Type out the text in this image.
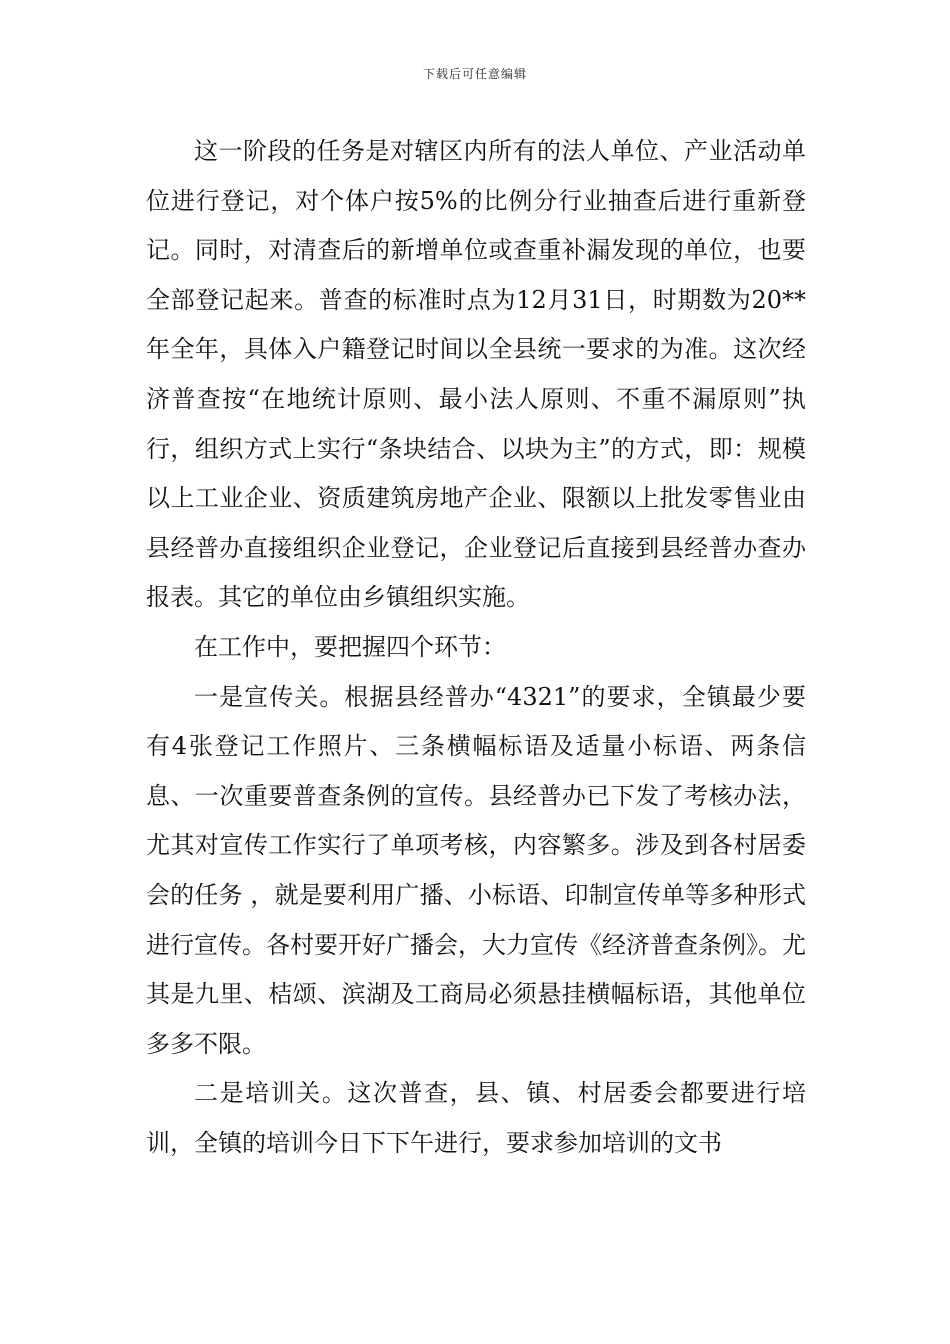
下载后可任意编辑

这一阶段的任务是对辖区内所有的法人单位、产业活动单位进行登记，对个体户按5%的比例分行业抽查后进行重新登记。同时，对清查后的新增单位或查重补漏发现的单位，也要全部登记起来。普查的标准时点为12月31日，时期数为20**年全年，具体入户籍登记时间以全县统一要求的为准。这次经济普查按“在地统计原则、最小法人原则、不重不漏原则”执行，组织方式上实行“条块结合、以块为主”的方式，即：规模以上工业企业、资质建筑房地产企业、限额以上批发零售业由县经普办直接组织企业登记，企业登记后直接到县经普办查办报表。其它的单位由乡镇组织实施。

在工作中，要把握四个环节：

一是宣传关。根据县经普办“4321”的要求，全镇最少要有4张登记工作照片、三条横幅标语及适量小标语、两条信息、一次重要普查条例的宣传。县经普办已下发了考核办法，尤其对宣传工作实行了单项考核，内容繁多。涉及到各村居委会的任务 ，就是要利用广播、小标语、印制宣传单等多种形式进行宣传。各村要开好广播会，大力宣传《经济普查条例》。尤其是九里、桔颂、滨湖及工商局必须悬挂横幅标语，其他单位多多不限。

二是培训关。这次普查，县、镇、村居委会都要进行培训，全镇的培训今日下下午进行，要求参加培训的文书
